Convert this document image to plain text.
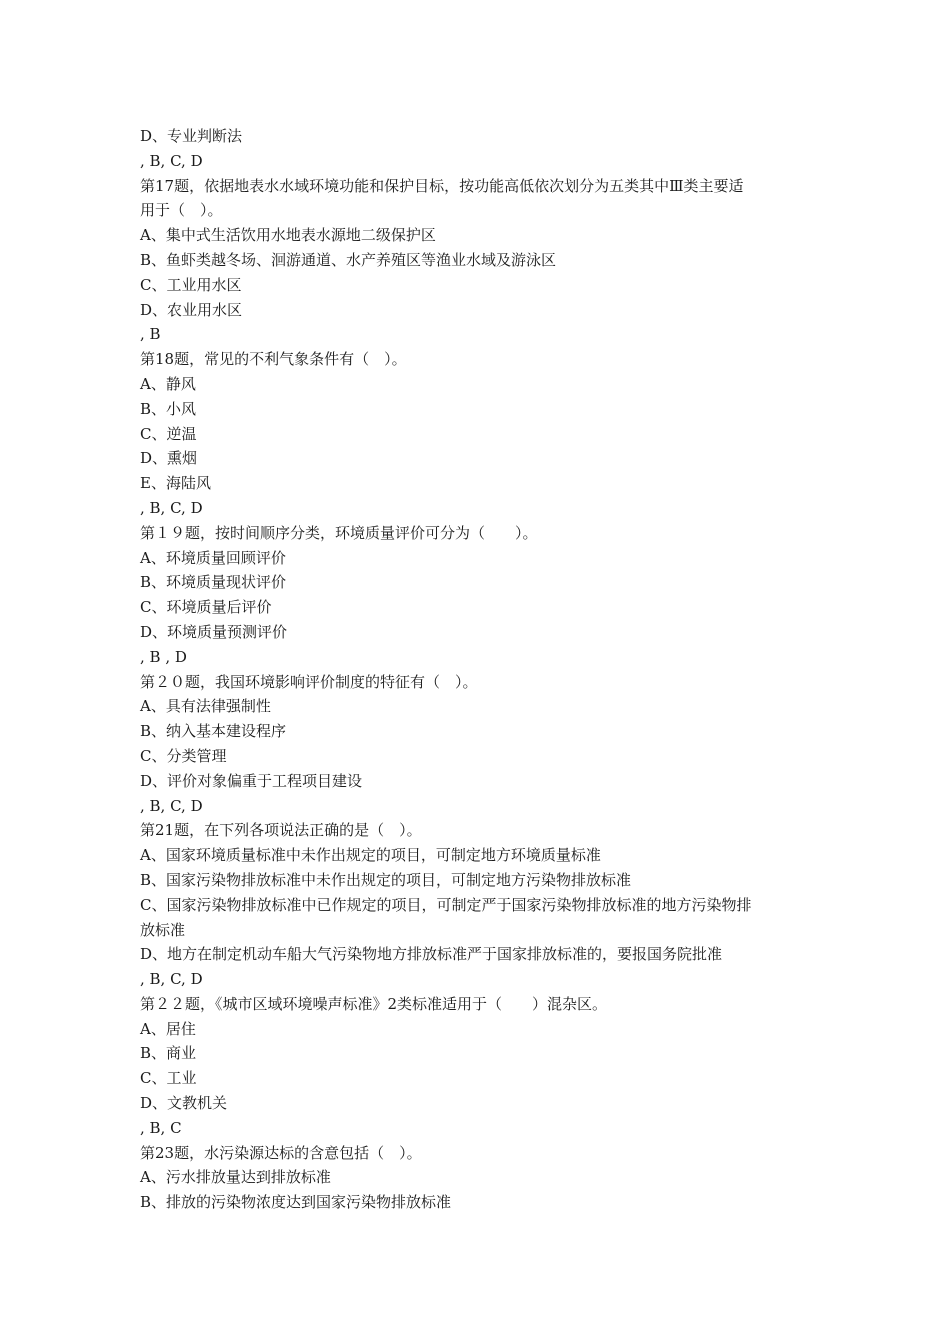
D、专业判断法
, B, C, D
第17题，依据地表水水域环境功能和保护目标，按功能高低依次划分为五类其中Ⅲ类主要适
用于（　）。
A、集中式生活饮用水地表水源地二级保护区
B、鱼虾类越冬场、洄游通道、水产养殖区等渔业水域及游泳区
C、工业用水区
D、农业用水区
, B
第18题，常见的不利气象条件有（　）。
A、静风
B、小风
C、逆温
D、熏烟
E、海陆风
, B, C, D
第１９题，按时间顺序分类，环境质量评价可分为（　　）。
A、环境质量回顾评价
B、环境质量现状评价
C、环境质量后评价
D、环境质量预测评价
, B , D
第２０题，我国环境影响评价制度的特征有（　）。
A、具有法律强制性
B、纳入基本建设程序
C、分类管理
D、评价对象偏重于工程项目建设
, B, C, D
第21题，在下列各项说法正确的是（　）。
A、国家环境质量标准中未作出规定的项目，可制定地方环境质量标准
B、国家污染物排放标准中未作出规定的项目，可制定地方污染物排放标准
C、国家污染物排放标准中已作规定的项目，可制定严于国家污染物排放标准的地方污染物排
放标准
D、地方在制定机动车船大气污染物地方排放标准严于国家排放标准的，要报国务院批准
, B, C, D
第２２题，《城市区域环境噪声标准》2类标准适用于（　　）混杂区。
A、居住
B、商业
C、工业
D、文教机关
, B, C
第23题，水污染源达标的含意包括（　）。
A、污水排放量达到排放标准
B、排放的污染物浓度达到国家污染物排放标准
